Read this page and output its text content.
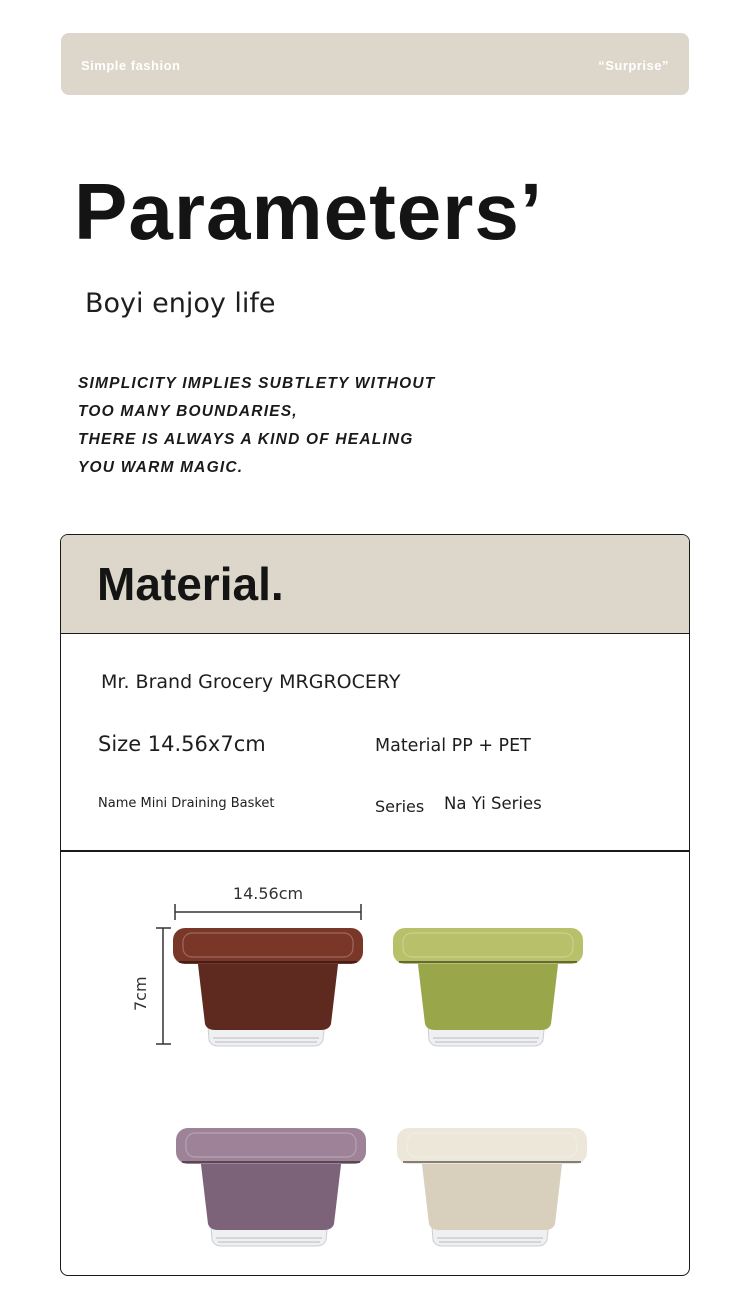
Simple fashion	“Surprise”
Parameters’

Boyi enjoy life

SIMPLICITY IMPLIES SUBTLETY WITHOUT
TOO MANY BOUNDARIES,
THERE IS ALWAYS A KIND OF HEALING
YOU WARM MAGIC.
Material.

Mr. Brand Grocery MRGROCERY

Size 14.56x7cm	Material PP + PET

Name Mini Draining Basket	Series Na Yi Series

14.56cm
7cm
